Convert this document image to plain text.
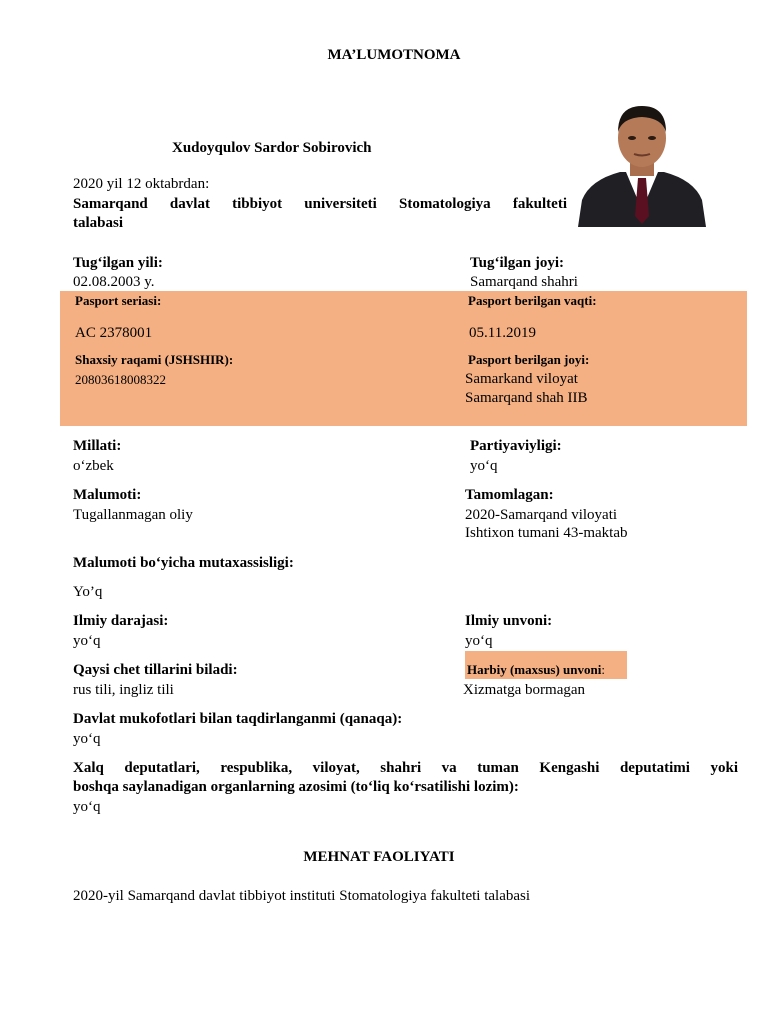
MA’LUMOTNOMA
Xudoyqulov Sardor Sobirovich
2020 yil 12 oktabrdan:
Samarqand davlat tibbiyot universiteti Stomatologiya fakulteti
talabasi
Tug‘ilgan yili:
02.08.2003 y.
Tug‘ilgan joyi:
Samarqand shahri
Pasport seriasi:
AC 2378001
Pasport berilgan vaqti:
05.11.2019
Shaxsiy raqami (JSHSHIR):
20803618008322
Pasport berilgan joyi:
Samarkand viloyat
Samarqand shah IIB
Millati:
o‘zbek
Partiyaviyligi:
yo‘q
Malumoti:
Tugallanmagan oliy
Tamomlagan:
2020-Samarqand viloyati
Ishtixon tumani 43-maktab
Malumoti bo‘yicha mutaxassisligi:
Yo’q
Ilmiy darajasi:
yo‘q
Ilmiy unvoni:
yo‘q
Qaysi chet tillarini biladi:
rus tili, ingliz tili
Harbiy (maxsus) unvoni:
Xizmatga bormagan
Davlat mukofotlari bilan taqdirlanganmi (qanaqa):
yo‘q
Xalq deputatlari, respublika, viloyat, shahri va tuman Kengashi deputatimi yoki
boshqa saylanadigan organlarning azosimi (to‘liq ko‘rsatilishi lozim):
yo‘q
MEHNAT FAOLIYATI
2020-yil Samarqand davlat tibbiyot instituti Stomatologiya fakulteti talabasi
